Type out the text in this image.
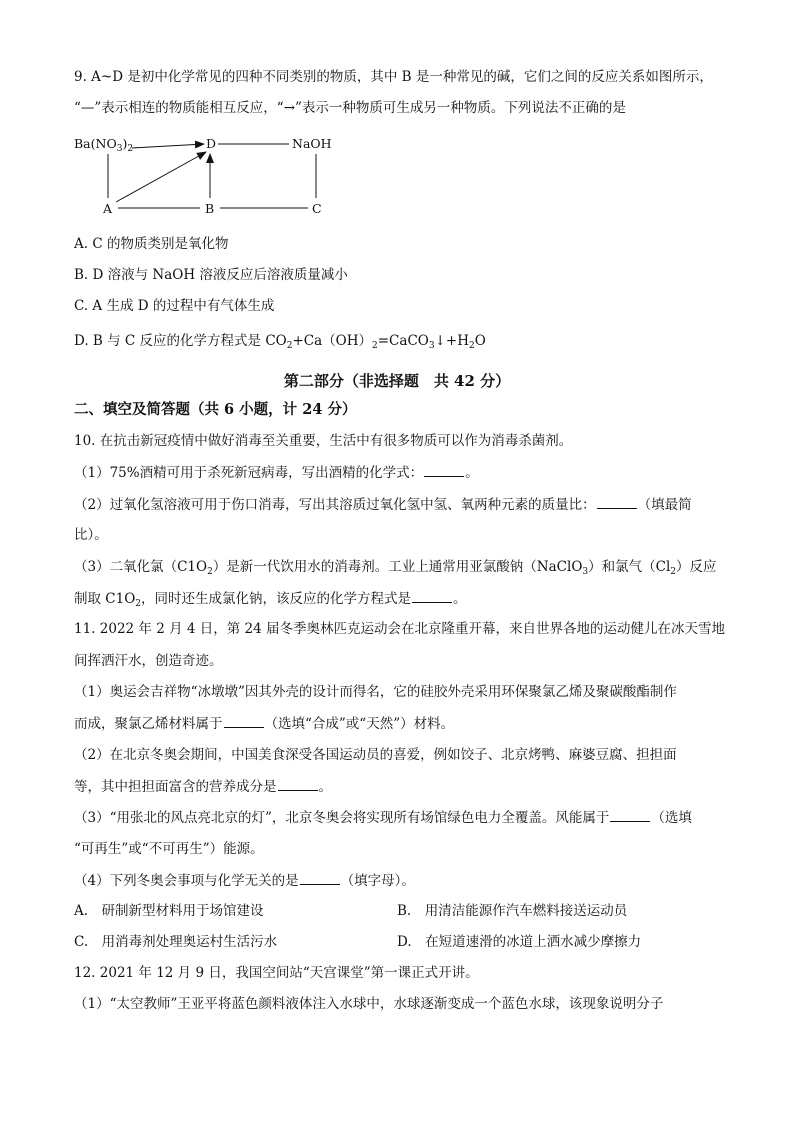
9. A~D 是初中化学常见的四种不同类别的物质，其中 B 是一种常见的碱，它们之间的反应关系如图所示，
“—”表示相连的物质能相互反应，“→”表示一种物质可生成另一种物质。下列说法不正确的是
$Ba(NO_3)_2$	D	NaOH
A	B	C
A. C 的物质类别是氧化物
B. D 溶液与 NaOH 溶液反应后溶液质量减小
C. A 生成 D 的过程中有气体生成
D. B 与 C 反应的化学方程式是 $CO_2+Ca(OH)_2=CaCO_3↓+H_2O$
第二部分（非选择题　共 42 分）
二、填空及简答题（共 6 小题，计 24 分）
10. 在抗击新冠疫情中做好消毒至关重要，生活中有很多物质可以作为消毒杀菌剂。
（1）75%酒精可用于杀死新冠病毒，写出酒精的化学式：	。
（2）过氧化氢溶液可用于伤口消毒，写出其溶质过氧化氢中氢、氧两种元素的质量比：	（填最简
比）。
（3）二氧化氯$(C1O_2)$是新一代饮用水的消毒剂。工业上通常用亚氯酸钠（NaClO$_3$）和氯气$(Cl_2)$反应
制取 $C1O_2$，同时还生成氯化钠，该反应的化学方程式是	。
11. 2022 年 2 月 4 日，第 24 届冬季奥林匹克运动会在北京隆重开幕，来自世界各地的运动健儿在冰天雪地
间挥洒汗水，创造奇迹。
（1）奥运会吉祥物“冰墩墩”因其外壳的设计而得名，它的硅胶外壳采用环保聚氯乙烯及聚碳酸酯制作
而成，聚氯乙烯材料属于	（选填“合成”或“天然”）材料。
（2）在北京冬奥会期间，中国美食深受各国运动员的喜爱，例如饺子、北京烤鸭、麻婆豆腐、担担面
等，其中担担面富含的营养成分是	。
（3）“用张北的风点亮北京的灯”，北京冬奥会将实现所有场馆绿色电力全覆盖。风能属于	（选填
“可再生”或“不可再生”）能源。
（4）下列冬奥会事项与化学无关的是	（填字母）。
A.　研制新型材料用于场馆建设	B.　用清洁能源作汽车燃料接送运动员
C.　用消毒剂处理奥运村生活污水	D.　在短道速滑的冰道上洒水减少摩擦力
12. 2021 年 12 月 9 日，我国空间站“天宫课堂”第一课正式开讲。
（1）“太空教师”王亚平将蓝色颜料液体注入水球中，水球逐渐变成一个蓝色水球，该现象说明分子
